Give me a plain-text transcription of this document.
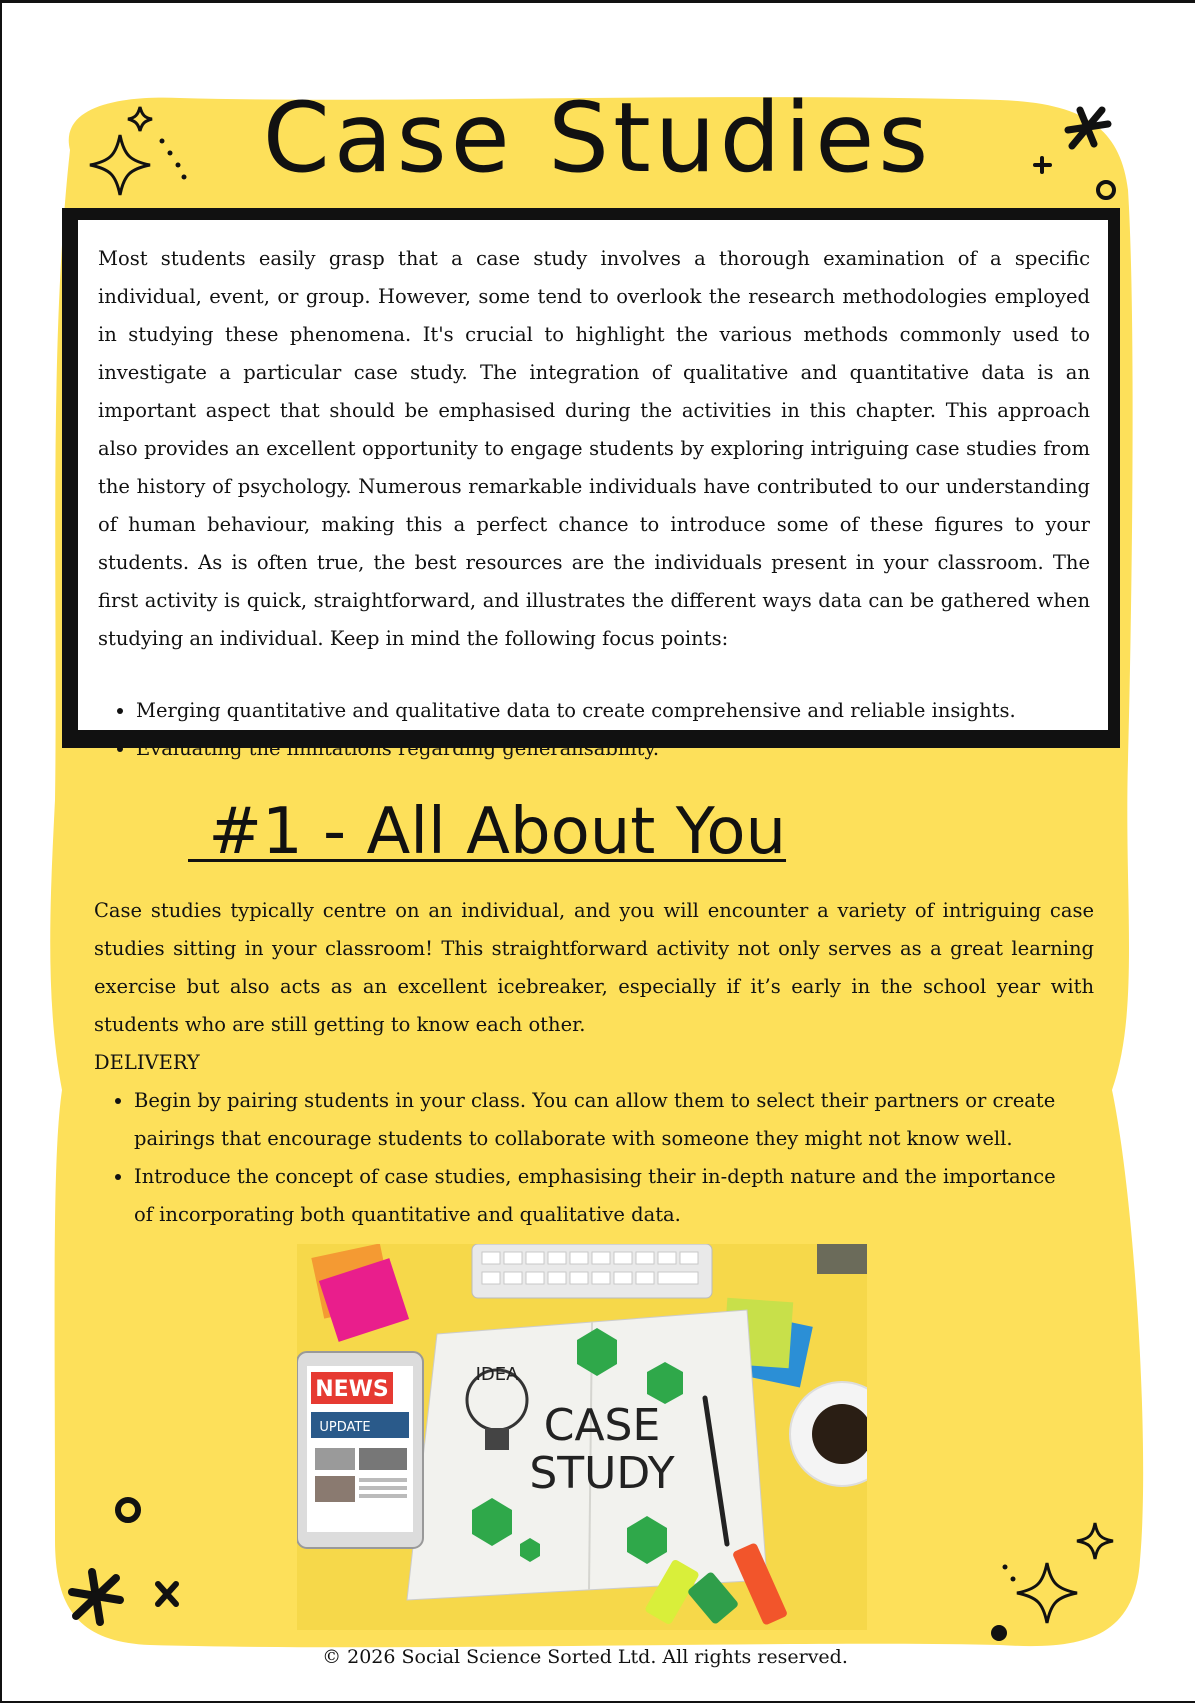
Case Studies

Most students easily grasp that a case study involves a thorough examination of a specific individual, event, or group. However, some tend to overlook the research methodologies employed in studying these phenomena. It's crucial to highlight the various methods commonly used to investigate a particular case study. The integration of qualitative and quantitative data is an important aspect that should be emphasised during the activities in this chapter. This approach also provides an excellent opportunity to engage students by exploring intriguing case studies from the history of psychology. Numerous remarkable individuals have contributed to our understanding of human behaviour, making this a perfect chance to introduce some of these figures to your students. As is often true, the best resources are the individuals present in your classroom. The first activity is quick, straightforward, and illustrates the different ways data can be gathered when studying an individual. Keep in mind the following focus points:

• Merging quantitative and qualitative data to create comprehensive and reliable insights.
• Evaluating the limitations regarding generalisability.
#1 - All About You

Case studies typically centre on an individual, and you will encounter a variety of intriguing case studies sitting in your classroom! This straightforward activity not only serves as a great learning exercise but also acts as an excellent icebreaker, especially if it’s early in the school year with students who are still getting to know each other.

DELIVERY

• Begin by pairing students in your class. You can allow them to select their partners or create pairings that encourage students to collaborate with someone they might not know well.
• Introduce the concept of case studies, emphasising their in-depth nature and the importance of incorporating both quantitative and qualitative data.
IDEA
CASE
STUDY
NEWS
UPDATE

© 2026 Social Science Sorted Ltd. All rights reserved.
